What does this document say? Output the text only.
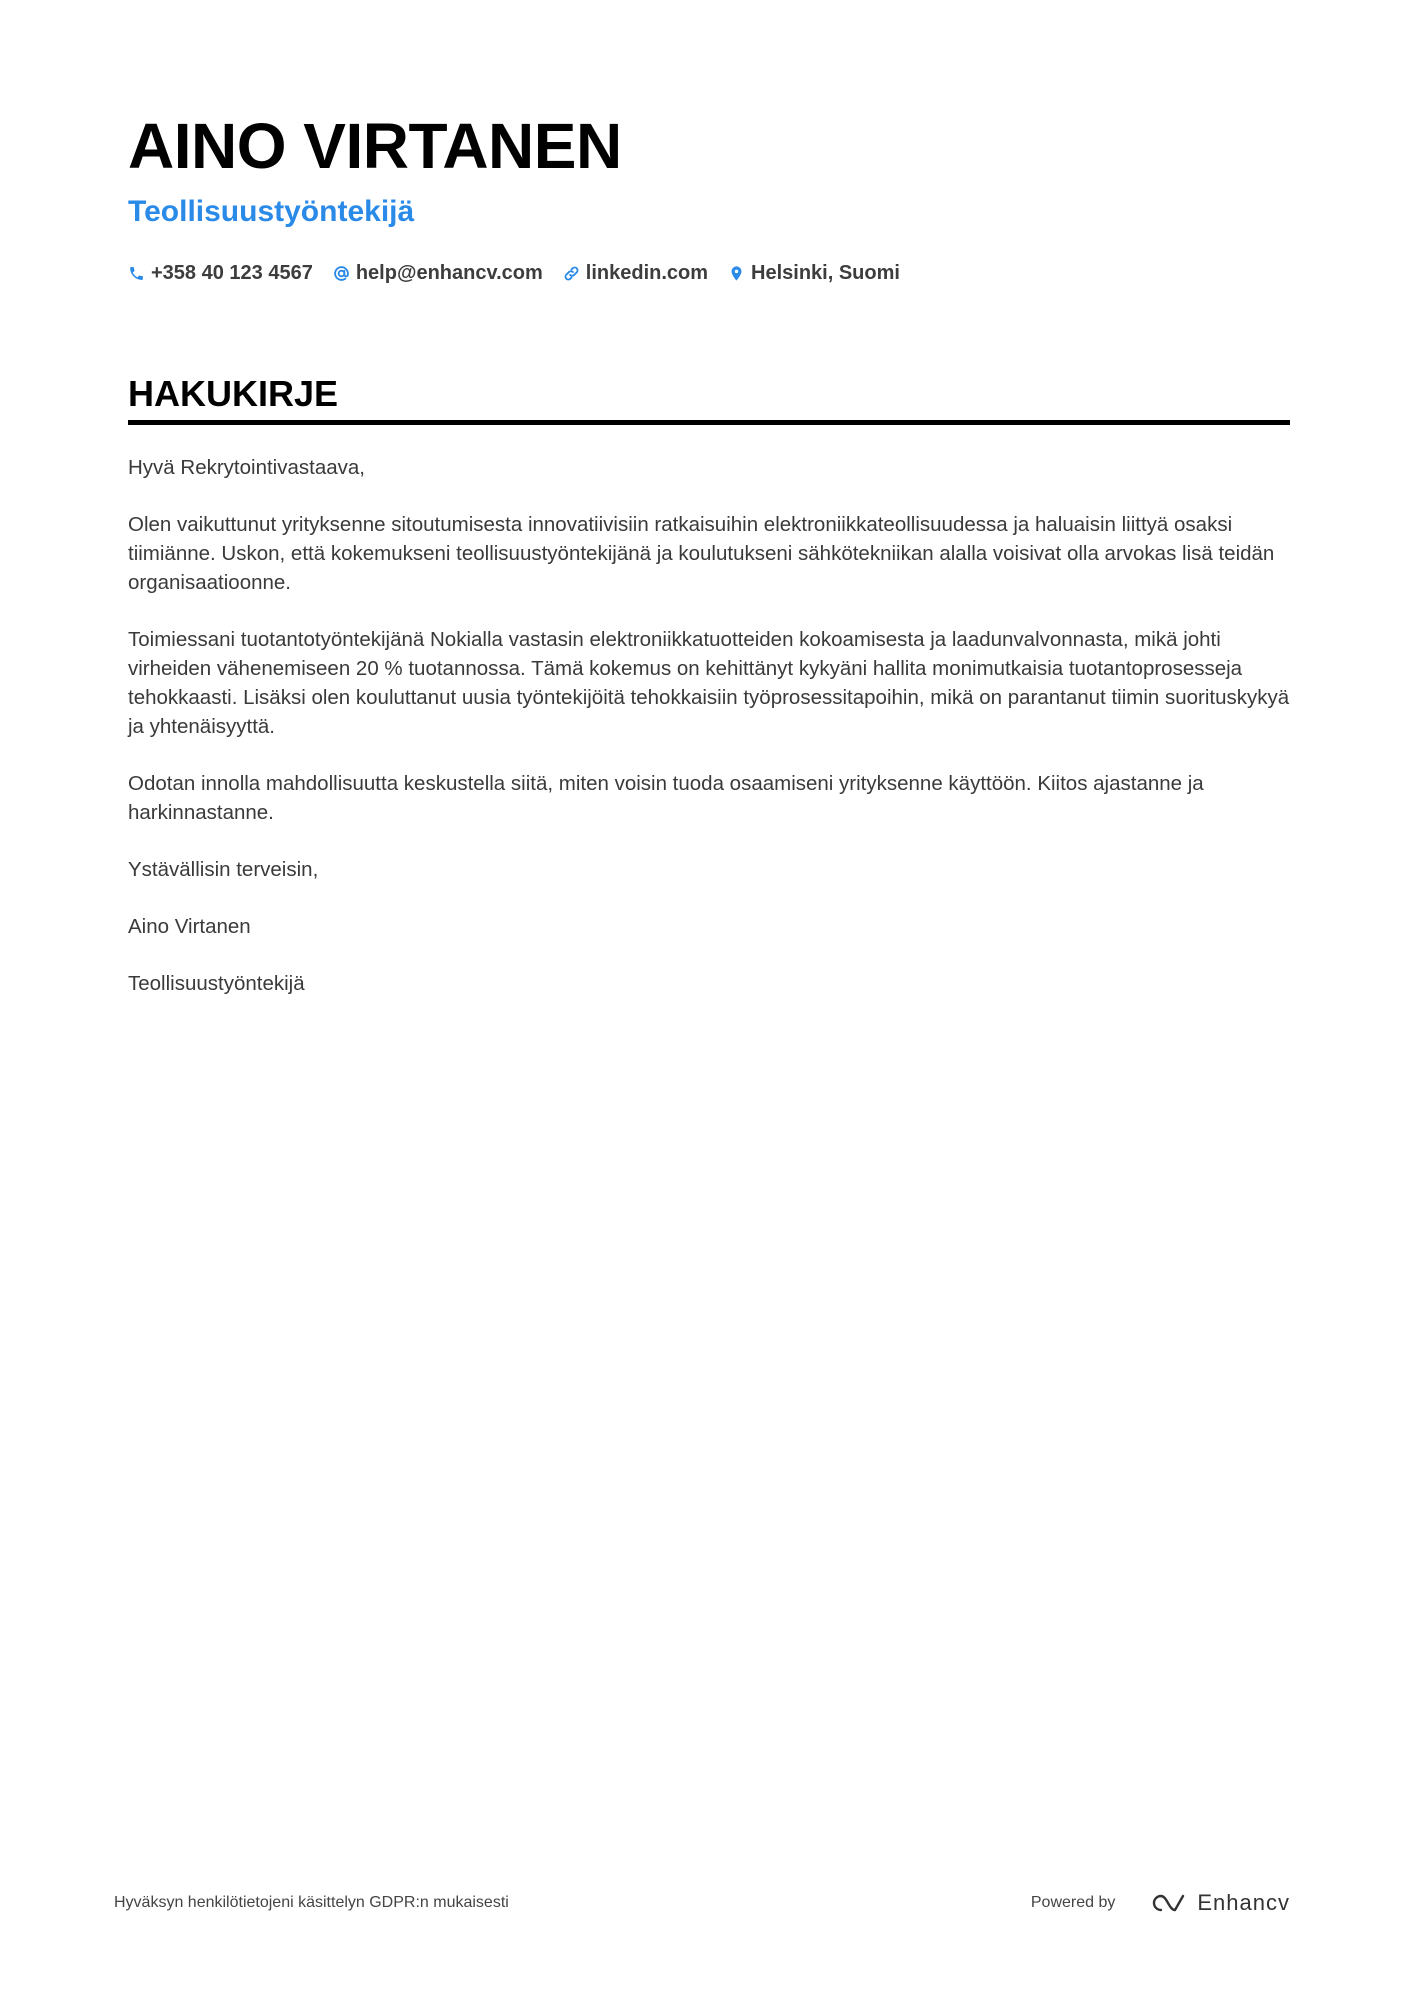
AINO VIRTANEN
Teollisuustyöntekijä
+358 40 123 4567 help@enhancv.com linkedin.com Helsinki, Suomi
HAKUKIRJE

Hyvä Rekrytointivastaava,

Olen vaikuttunut yrityksenne sitoutumisesta innovatiivisiin ratkaisuihin elektroniikkateollisuudessa ja haluaisin liittyä osaksi tiimiänne. Uskon, että kokemukseni teollisuustyöntekijänä ja koulutukseni sähkötekniikan alalla voisivat olla arvokas lisä teidän organisaatioonne.

Toimiessani tuotantotyöntekijänä Nokialla vastasin elektroniikkatuotteiden kokoamisesta ja laadunvalvonnasta, mikä johti virheiden vähenemiseen 20 % tuotannossa. Tämä kokemus on kehittänyt kykyäni hallita monimutkaisia tuotantoprosesseja tehokkaasti. Lisäksi olen kouluttanut uusia työntekijöitä tehokkaisiin työprosessitapoihin, mikä on parantanut tiimin suorituskykyä ja yhtenäisyyttä.

Odotan innolla mahdollisuutta keskustella siitä, miten voisin tuoda osaamiseni yrityksenne käyttöön. Kiitos ajastanne ja harkinnastanne.

Ystävällisin terveisin,

Aino Virtanen

Teollisuustyöntekijä

Hyväksyn henkilötietojeni käsittelyn GDPR:n mukaisesti	Powered by	Enhancv
